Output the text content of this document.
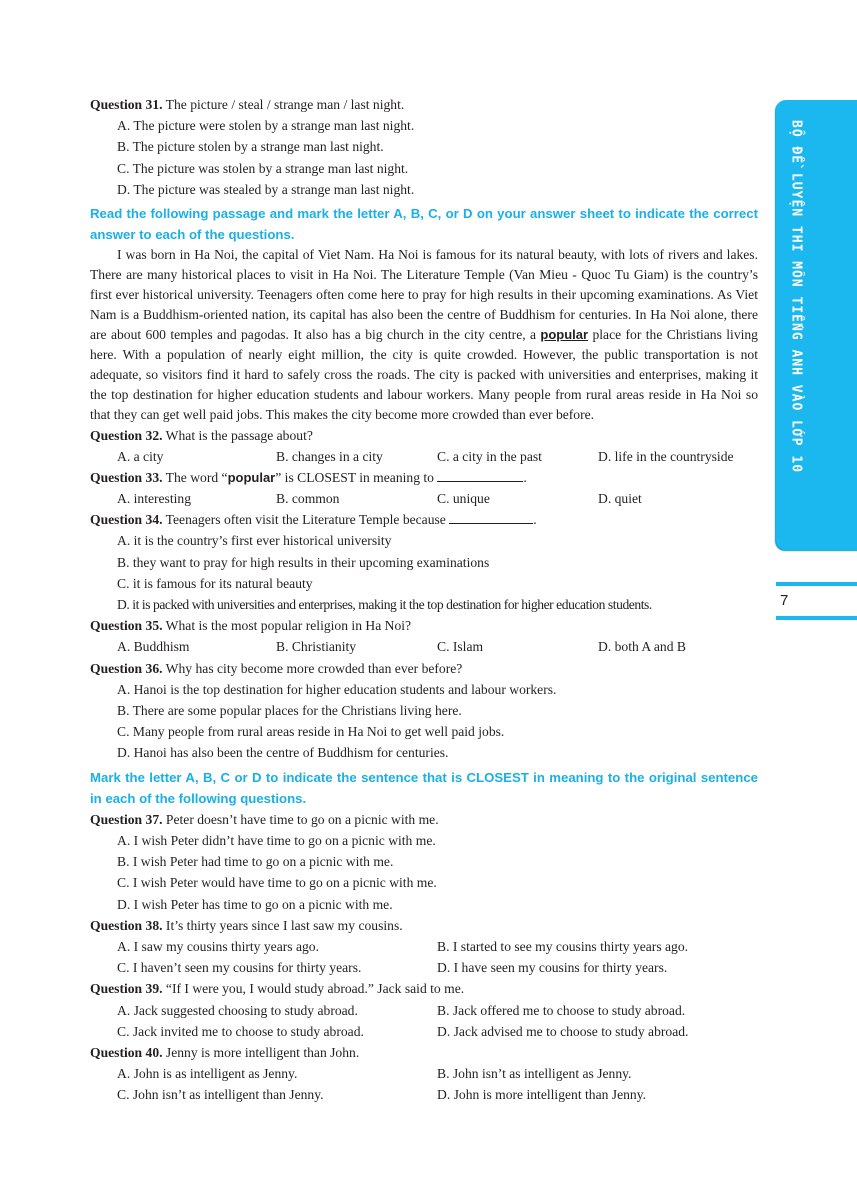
BỘ ĐỀ LUYỆN THI MÔN TIẾNG ANH VÀO LỚP 10
7
Question 31. The picture / steal / strange man / last night.
A. The picture were stolen by a strange man last night.
B. The picture stolen by a strange man last night.
C. The picture was stolen by a strange man last night.
D. The picture was stealed by a strange man last night.
Read the following passage and mark the letter A, B, C, or D on your answer sheet to indicate the correct answer to each of the questions.
I was born in Ha Noi, the capital of Viet Nam. Ha Noi is famous for its natural beauty, with lots of rivers and lakes. There are many historical places to visit in Ha Noi. The Literature Temple (Van Mieu - Quoc Tu Giam) is the country’s first ever historical university. Teenagers often come here to pray for high results in their upcoming examinations. As Viet Nam is a Buddhism-oriented nation, its capital has also been the centre of Buddhism for centuries. In Ha Noi alone, there are about 600 temples and pagodas. It also has a big church in the city centre, a popular place for the Christians living here. With a population of nearly eight million, the city is quite crowded. However, the public transportation is not adequate, so visitors find it hard to safely cross the roads. The city is packed with universities and enterprises, making it the top destination for higher education students and labour workers. Many people from rural areas reside in Ha Noi so that they can get well paid jobs. This makes the city become more crowded than ever before.
Question 32. What is the passage about?
A. a city	B. changes in a city	C. a city in the past	D. life in the countryside
Question 33. The word “popular” is CLOSEST in meaning to	.
A. interesting	B. common	C. unique	D. quiet
Question 34. Teenagers often visit the Literature Temple because	.
A. it is the country’s first ever historical university
B. they want to pray for high results in their upcoming examinations
C. it is famous for its natural beauty
D. it is packed with universities and enterprises, making it the top destination for higher education students.
Question 35. What is the most popular religion in Ha Noi?
A. Buddhism	B. Christianity	C. Islam	D. both A and B
Question 36. Why has city become more crowded than ever before?
A. Hanoi is the top destination for higher education students and labour workers.
B. There are some popular places for the Christians living here.
C. Many people from rural areas reside in Ha Noi to get well paid jobs.
D. Hanoi has also been the centre of Buddhism for centuries.
Mark the letter A, B, C or D to indicate the sentence that is CLOSEST in meaning to the original sentence in each of the following questions.
Question 37. Peter doesn’t have time to go on a picnic with me.
A. I wish Peter didn’t have time to go on a picnic with me.
B. I wish Peter had time to go on a picnic with me.
C. I wish Peter would have time to go on a picnic with me.
D. I wish Peter has time to go on a picnic with me.
Question 38. It’s thirty years since I last saw my cousins.
A. I saw my cousins thirty years ago.	B. I started to see my cousins thirty years ago.
C. I haven’t seen my cousins for thirty years.	D. I have seen my cousins for thirty years.
Question 39. “If I were you, I would study abroad.” Jack said to me.
A. Jack suggested choosing to study abroad.	B. Jack offered me to choose to study abroad.
C. Jack invited me to choose to study abroad.	D. Jack advised me to choose to study abroad.
Question 40. Jenny is more intelligent than John.
A. John is as intelligent as Jenny.	B. John isn’t as intelligent as Jenny.
C. John isn’t as intelligent than Jenny.	D. John is more intelligent than Jenny.
